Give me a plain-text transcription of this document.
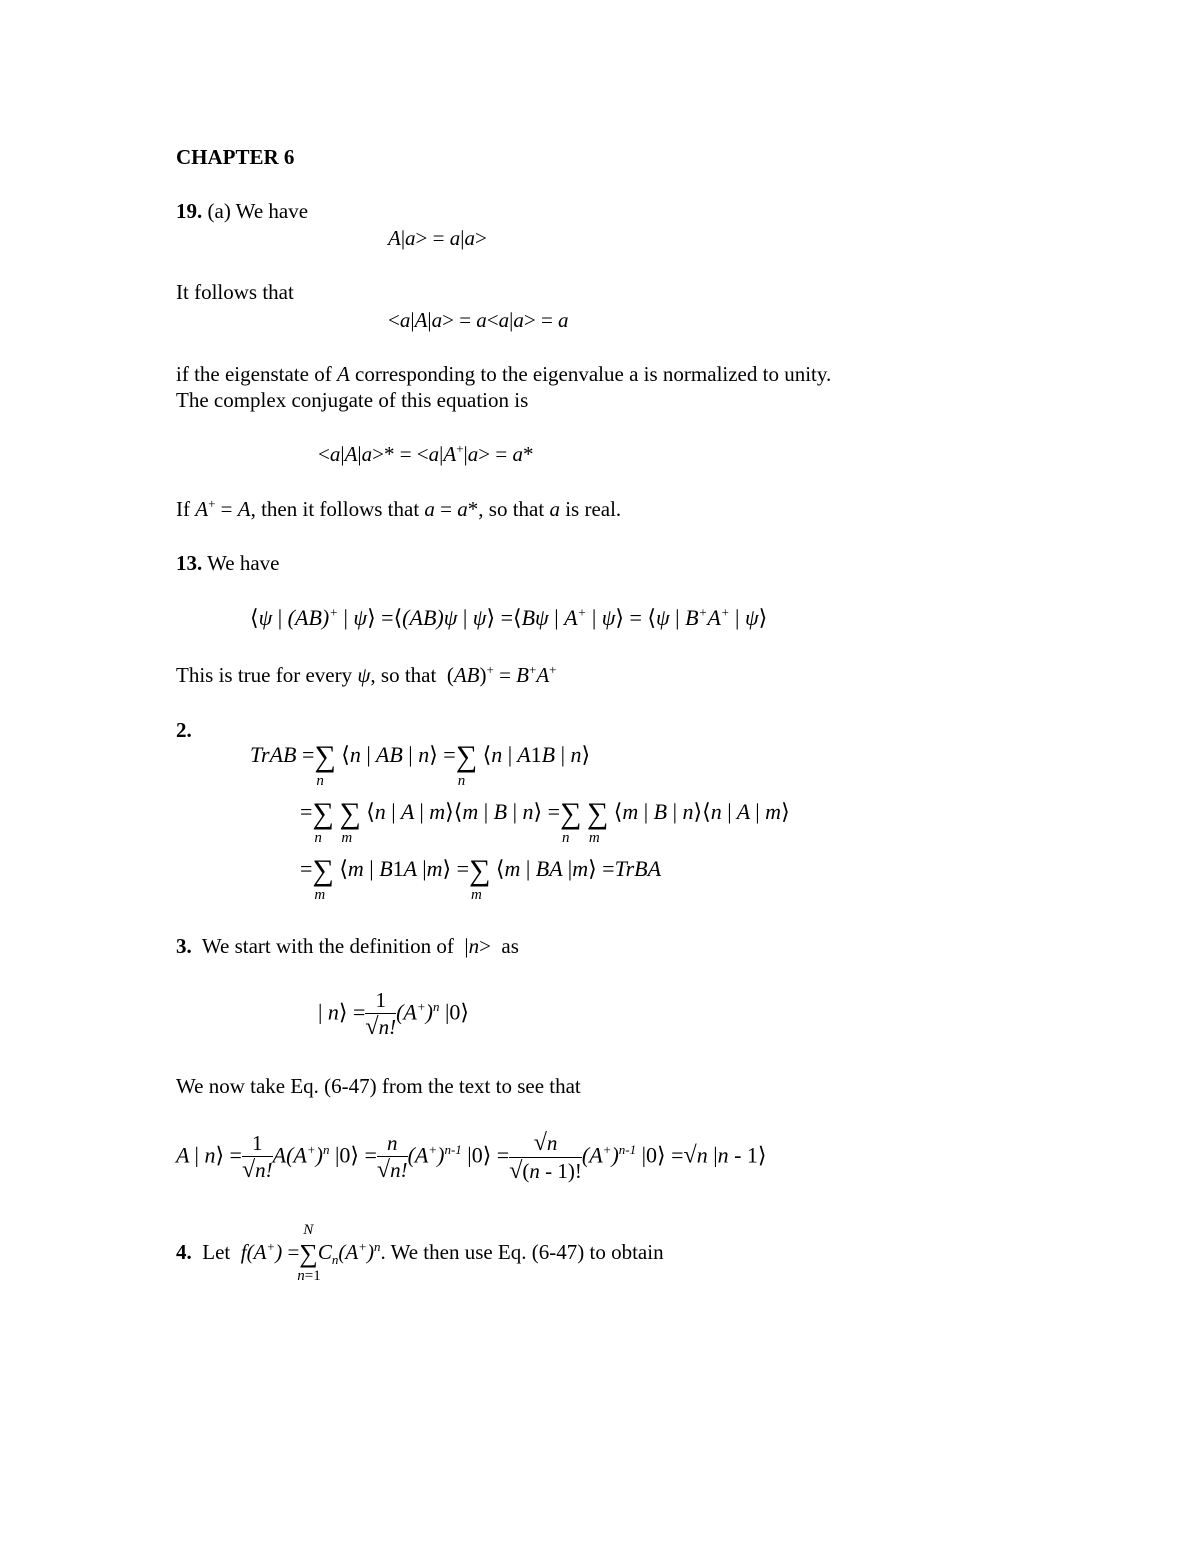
CHAPTER 6
19. (a) We have
A|a> = a|a>
It follows that
<a|A|a> = a<a|a> = a
if the eigenstate of A corresponding to the eigenvalue a is normalized to unity.
The complex conjugate of this equation is
<a|A|a>* = <a|A+|a> = a*
If A+ = A, then it follows that a = a*, so that a is real.
13. We have
⟨ψ | (AB)+ | ψ⟩ =⟨(AB)ψ | ψ⟩ =⟨Bψ | A+ | ψ⟩ = ⟨ψ | B+A+ | ψ⟩
This is true for every ψ, so that  (AB)+ = B+A+
2.
TrAB =∑
n
⟨n | AB | n⟩ =∑
n
⟨n | A1B | n⟩
=∑
n
∑
m
⟨n | A | m⟩⟨m | B | n⟩ =∑
n
∑
m
⟨m | B | n⟩⟨n | A | m⟩
=∑
m
⟨m | B1A |m⟩ =∑
m
⟨m | BA |m⟩ =TrBA
3.  We start with the definition of  |n>  as
| n⟩ = $\frac{1}{√n!} (A^+)^n$ |0⟩
We now take Eq. (6-47) from the text to see that
A | n⟩ = $\frac{1}{√n!} A(A^+)^n$ |0⟩ = $\frac{n}{√n!} (A^+)^{n-1}$ |0⟩ = $\frac{√n}{√(n - 1)!} (A^+)^{n-1}$ |0⟩ =√n |n - 1⟩
4. Let f(A+) =∑
N
n=1
$C_n(A^+)^n$. We then use Eq. (6-47) to obtain
